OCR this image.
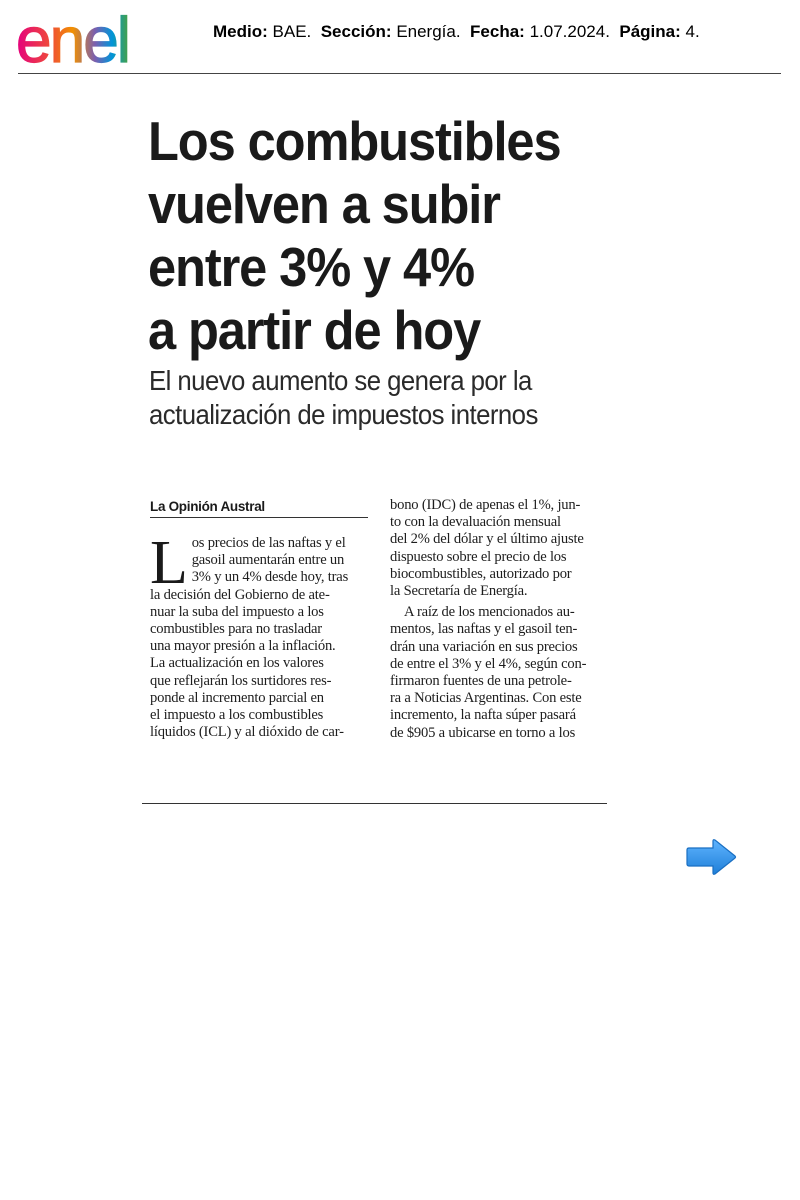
enel	Medio: BAE. Sección: Energía. Fecha: 1.07.2024. Página: 4.
Los combustibles
vuelven a subir
entre 3% y 4%
a partir de hoy
El nuevo aumento se genera por la
actualización de impuestos internos
La Opinión Austral
L os precios de las naftas y el
gasoil aumentarán entre un
3% y un 4% desde hoy, tras
la decisión del Gobierno de ate-
nuar la suba del impuesto a los
combustibles para no trasladar
una mayor presión a la inflación.
La actualización en los valores
que reflejarán los surtidores res-
ponde al incremento parcial en
el impuesto a los combustibles
líquidos (ICL) y al dióxido de car-

bono (IDC) de apenas el 1%, jun-
to con la devaluación mensual
del 2% del dólar y el último ajuste
dispuesto sobre el precio de los
biocombustibles, autorizado por
la Secretaría de Energía.

A raíz de los mencionados au-
mentos, las naftas y el gasoil ten-
drán una variación en sus precios
de entre el 3% y el 4%, según con-
firmaron fuentes de una petrole-
ra a Noticias Argentinas. Con este
incremento, la nafta súper pasará
de $905 a ubicarse en torno a los
